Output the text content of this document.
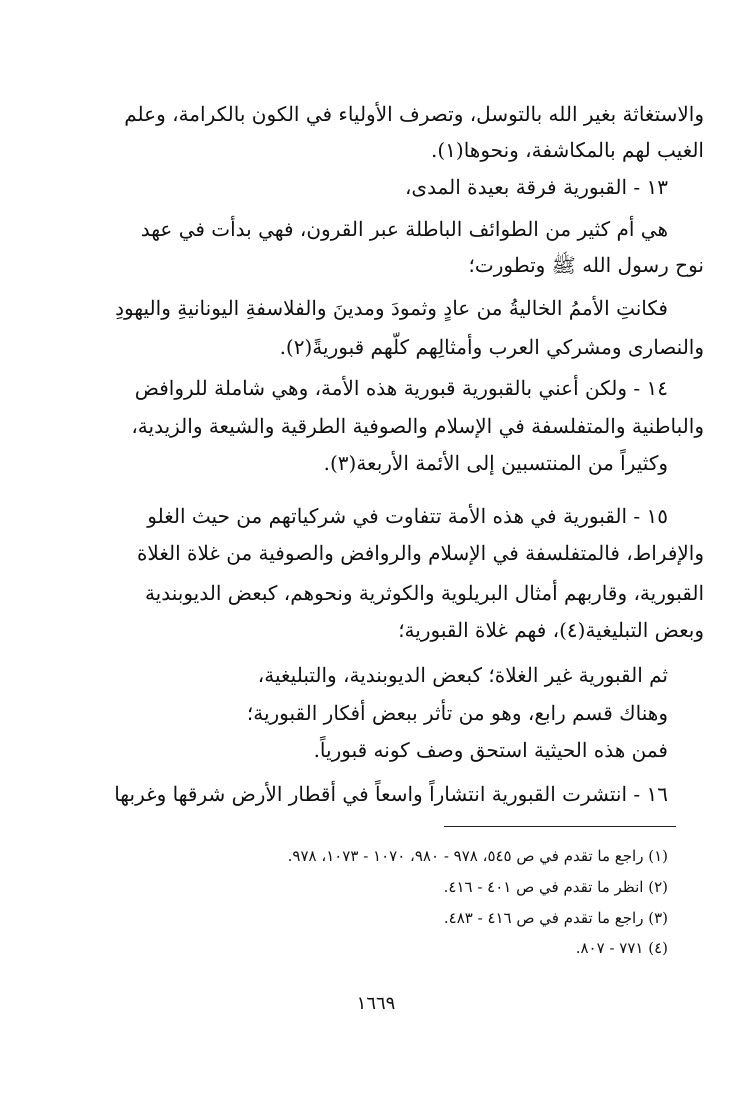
والاستغاثة بغير الله بالتوسل، وتصرف الأولياء في الكون بالكرامة، وعلم
الغيب لهم بالمكاشفة، ونحوها(١).
١٣ - القبورية فرقة بعيدة المدى،
هي أم كثير من الطوائف الباطلة عبر القرون، فهي بدأت في عهد
نوح رسول الله ﷺ وتطورت؛
فكانتِ الأممُ الخاليةُ من عادٍ وثمودَ ومدينَ والفلاسفةِ اليونانيةِ واليهودِ
والنصارى ومشركي العرب وأمثالِهم كلّهم قبوريةً(٢).
١٤ - ولكن أعني بالقبورية قبورية هذه الأمة، وهي شاملة للروافض
والباطنية والمتفلسفة في الإسلام والصوفية الطرقية والشيعة والزيدية،
وكثيراً من المنتسبين إلى الأئمة الأربعة(٣).
١٥ - القبورية في هذه الأمة تتفاوت في شركياتهم من حيث الغلو
والإفراط، فالمتفلسفة في الإسلام والروافض والصوفية من غلاة الغلاة
القبورية، وقاربهم أمثال البريلوية والكوثرية ونحوهم، كبعض الديوبندية
وبعض التبليغية(٤)، فهم غلاة القبورية؛
ثم القبورية غير الغلاة؛ كبعض الديوبندية، والتبليغية،
وهناك قسم رابع، وهو من تأثر ببعض أفكار القبورية؛
فمن هذه الحيثية استحق وصف كونه قبورياً.
١٦ - انتشرت القبورية انتشاراً واسعاً في أقطار الأرض شرقها وغربها
(١) راجع ما تقدم في ص ٥٤٥، ٩٧٨ - ٩٨٠، ١٠٧٠ - ١٠٧٣، ٩٧٨.
(٢) انظر ما تقدم في ص ٤٠١ - ٤١٦.
(٣) راجع ما تقدم في ص ٤١٦ - ٤٨٣.
(٤) ٧٧١ - ٨٠٧.
١٦٦٩
